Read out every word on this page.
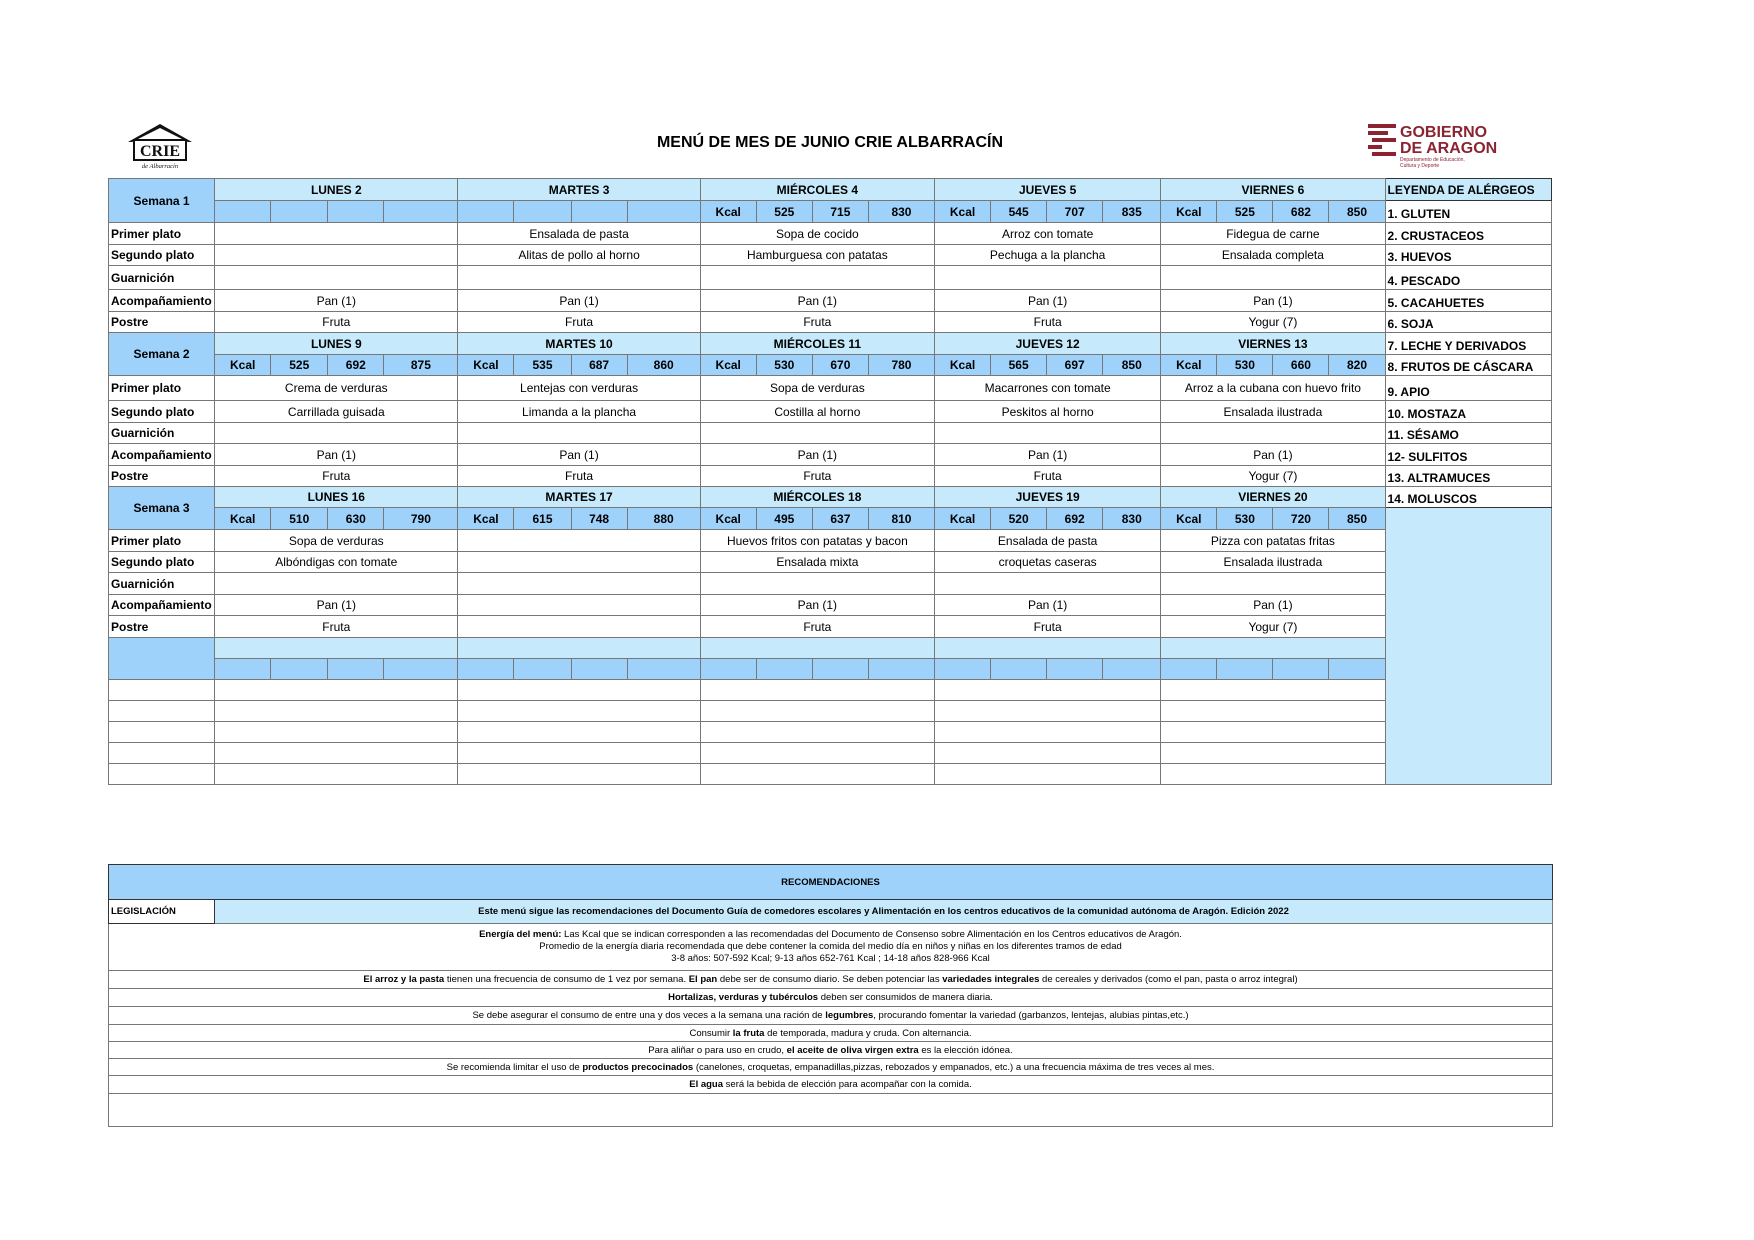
CRIE
de Albarracín
MENÚ DE MES DE JUNIO CRIE ALBARRACÍN
GOBIERNO
DE ARAGON
Departamento de Educación,
Cultura y Deporte
Semana 1	LUNES 2				MARTES 3				MIÉRCOLES 4				JUEVES 5				VIERNES 6				LEYENDA DE ALÉRGEOS
									Kcal	525	715	830	Kcal	545	707	835	Kcal	525	682	850	1. GLUTEN
Primer plato					Ensalada de pasta				Sopa de cocido				Arroz con tomate				Fidegua de carne				2. CRUSTACEOS
Segundo plato					Alitas de pollo al horno				Hamburguesa con patatas				Pechuga a la plancha				Ensalada completa				3. HUEVOS
Guarnición																					4. PESCADO
Acompañamiento	Pan (1)				Pan (1)				Pan (1)				Pan (1)				Pan (1)				5. CACAHUETES
Postre	Fruta				Fruta				Fruta				Fruta				Yogur (7)				6. SOJA
Semana 2	LUNES 9				MARTES 10				MIÉRCOLES 11				JUEVES 12				VIERNES 13				7. LECHE Y DERIVADOS
	Kcal	525	692	875	Kcal	535	687	860	Kcal	530	670	780	Kcal	565	697	850	Kcal	530	660	820	8. FRUTOS DE CÁSCARA
Primer plato	Crema de verduras				Lentejas con verduras				Sopa de verduras				Macarrones con tomate				Arroz a la cubana con huevo frito				9. APIO
Segundo plato	Carrillada guisada				Limanda a la plancha				Costilla al horno				Peskitos al horno				Ensalada ilustrada				10. MOSTAZA
Guarnición																					11. SÉSAMO
Acompañamiento	Pan (1)				Pan (1)				Pan (1)				Pan (1)				Pan (1)				12- SULFITOS
Postre	Fruta				Fruta				Fruta				Fruta				Yogur (7)				13. ALTRAMUCES
Semana 3	LUNES 16				MARTES 17				MIÉRCOLES 18				JUEVES 19				VIERNES 20				14. MOLUSCOS
	Kcal	510	630	790	Kcal	615	748	880	Kcal	495	637	810	Kcal	520	692	830	Kcal	530	720	850	
Primer plato	Sopa de verduras								Huevos fritos con patatas y bacon				Ensalada de pasta				Pizza con patatas fritas				
Segundo plato	Albóndigas con tomate								Ensalada mixta				croquetas caseras				Ensalada ilustrada				
Guarnición																					
Acompañamiento	Pan (1)								Pan (1)				Pan (1)				Pan (1)				
Postre	Fruta								Fruta				Fruta				Yogur (7)				

RECOMENDACIONES
LEGISLACIÓN	Este menú sigue las recomendaciones del Documento Guía de comedores escolares y Alimentación en los centros educativos de la comunidad autónoma de Aragón. Edición 2022
Energía del menú: Las Kcal que se indican corresponden a las recomendadas del Documento de Consenso sobre Alimentación en los Centros educativos de Aragón.
Promedio de la energía diaria recomendada que debe contener la comida del medio día en niños y niñas en los diferentes tramos de edad
3-8 años: 507-592 Kcal; 9-13 años 652-761 Kcal ; 14-18 años 828-966 Kcal
El arroz y la pasta tienen una frecuencia de consumo de 1 vez por semana. El pan debe ser de consumo diario. Se deben potenciar las variedades integrales de cereales y derivados (como el pan, pasta o arroz integral)
Hortalizas, verduras y tubérculos deben ser consumidos de manera diaria.
Se debe asegurar el consumo de entre una y dos veces a la semana una ración de legumbres, procurando fomentar la variedad (garbanzos, lentejas, alubias pintas,etc.)
Consumir la fruta de temporada, madura y cruda. Con alternancia.
Para aliñar o para uso en crudo, el aceite de oliva virgen extra es la elección idónea.
Se recomienda limitar el uso de productos precocinados (canelones, croquetas, empanadillas,pizzas, rebozados y empanados, etc.) a una frecuencia máxima de tres veces al mes.
El agua será la bebida de elección para acompañar con la comida.
